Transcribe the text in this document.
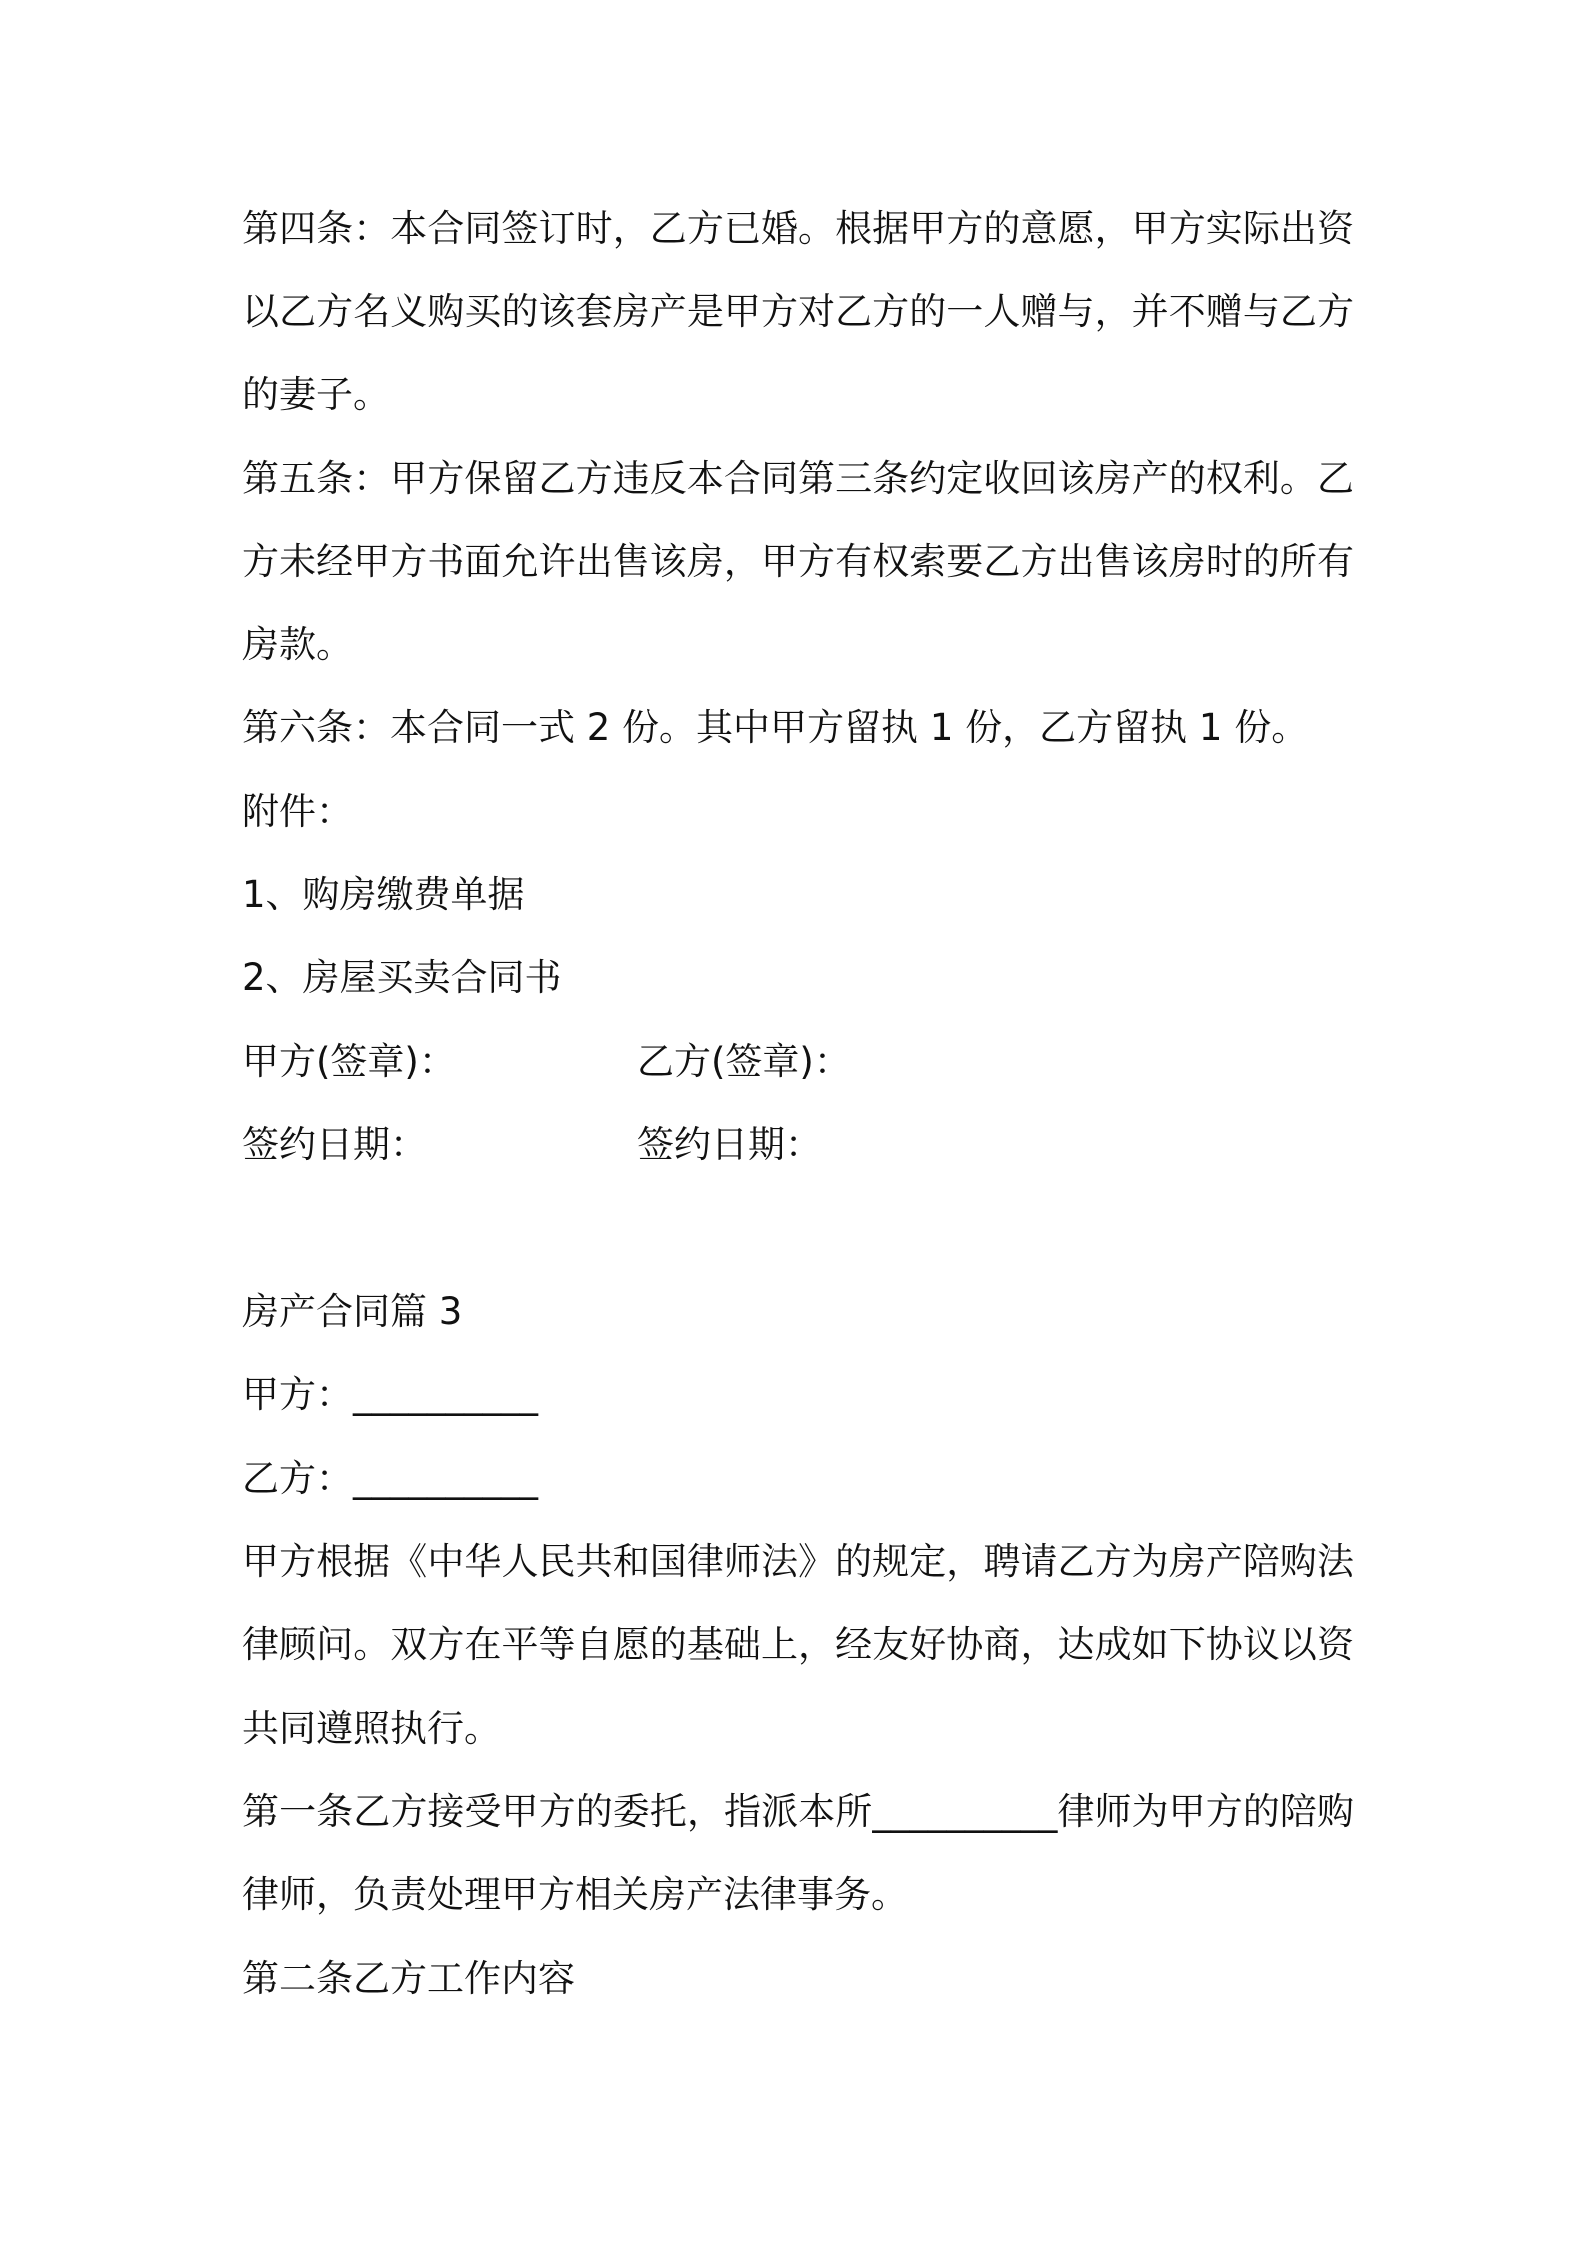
第四条：本合同签订时，乙方已婚。根据甲方的意愿，甲方实际出资
以乙方名义购买的该套房产是甲方对乙方的一人赠与，并不赠与乙方
的妻子。
第五条：甲方保留乙方违反本合同第三条约定收回该房产的权利。乙
方未经甲方书面允许出售该房，甲方有权索要乙方出售该房时的所有
房款。
第六条：本合同一式 2 份。其中甲方留执 1 份，乙方留执 1 份。
附件：
1、购房缴费单据
2、房屋买卖合同书
甲方(签章)：	乙方(签章)：
签约日期：	签约日期：
房产合同篇 3
甲方：__________
乙方：__________
甲方根据《中华人民共和国律师法》的规定，聘请乙方为房产陪购法
律顾问。双方在平等自愿的基础上，经友好协商，达成如下协议以资
共同遵照执行。
第一条乙方接受甲方的委托，指派本所__________律师为甲方的陪购
律师，负责处理甲方相关房产法律事务。
第二条乙方工作内容
